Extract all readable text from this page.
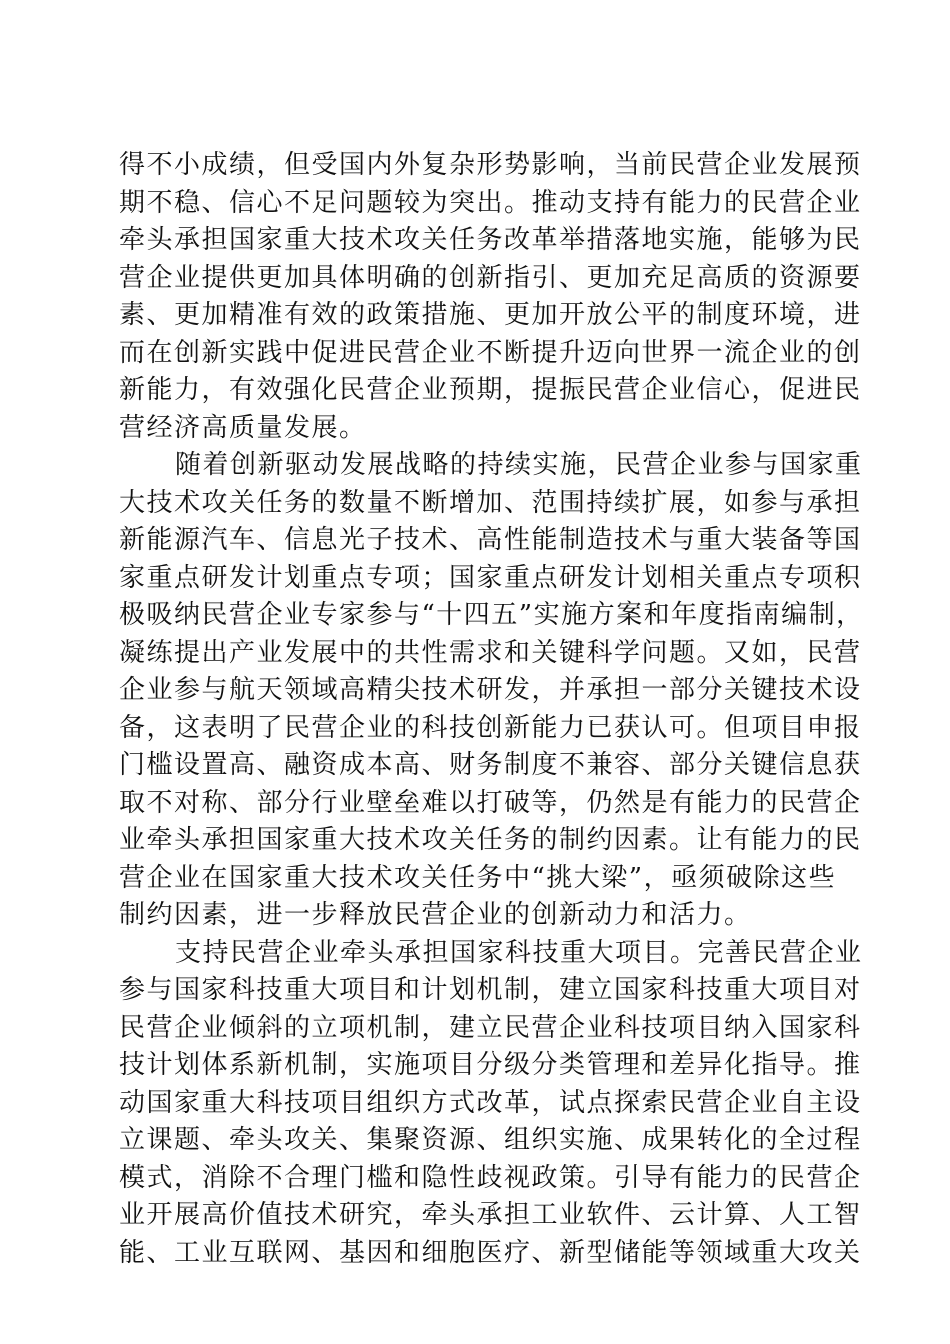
得不小成绩，但受国内外复杂形势影响，当前民营企业发展预
期不稳、信心不足问题较为突出。推动支持有能力的民营企业
牵头承担国家重大技术攻关任务改革举措落地实施，能够为民
营企业提供更加具体明确的创新指引、更加充足高质的资源要
素、更加精准有效的政策措施、更加开放公平的制度环境，进
而在创新实践中促进民营企业不断提升迈向世界一流企业的创
新能力，有效强化民营企业预期，提振民营企业信心，促进民
营经济高质量发展。
随着创新驱动发展战略的持续实施，民营企业参与国家重
大技术攻关任务的数量不断增加、范围持续扩展，如参与承担
新能源汽车、信息光子技术、高性能制造技术与重大装备等国
家重点研发计划重点专项；国家重点研发计划相关重点专项积
极吸纳民营企业专家参与“十四五”实施方案和年度指南编制，
凝练提出产业发展中的共性需求和关键科学问题。又如，民营
企业参与航天领域高精尖技术研发，并承担一部分关键技术设
备，这表明了民营企业的科技创新能力已获认可。但项目申报
门槛设置高、融资成本高、财务制度不兼容、部分关键信息获
取不对称、部分行业壁垒难以打破等，仍然是有能力的民营企
业牵头承担国家重大技术攻关任务的制约因素。让有能力的民
营企业在国家重大技术攻关任务中“挑大梁”，亟须破除这些
制约因素，进一步释放民营企业的创新动力和活力。
支持民营企业牵头承担国家科技重大项目。完善民营企业
参与国家科技重大项目和计划机制，建立国家科技重大项目对
民营企业倾斜的立项机制，建立民营企业科技项目纳入国家科
技计划体系新机制，实施项目分级分类管理和差异化指导。推
动国家重大科技项目组织方式改革，试点探索民营企业自主设
立课题、牵头攻关、集聚资源、组织实施、成果转化的全过程
模式，消除不合理门槛和隐性歧视政策。引导有能力的民营企
业开展高价值技术研究，牵头承担工业软件、云计算、人工智
能、工业互联网、基因和细胞医疗、新型储能等领域重大攻关
